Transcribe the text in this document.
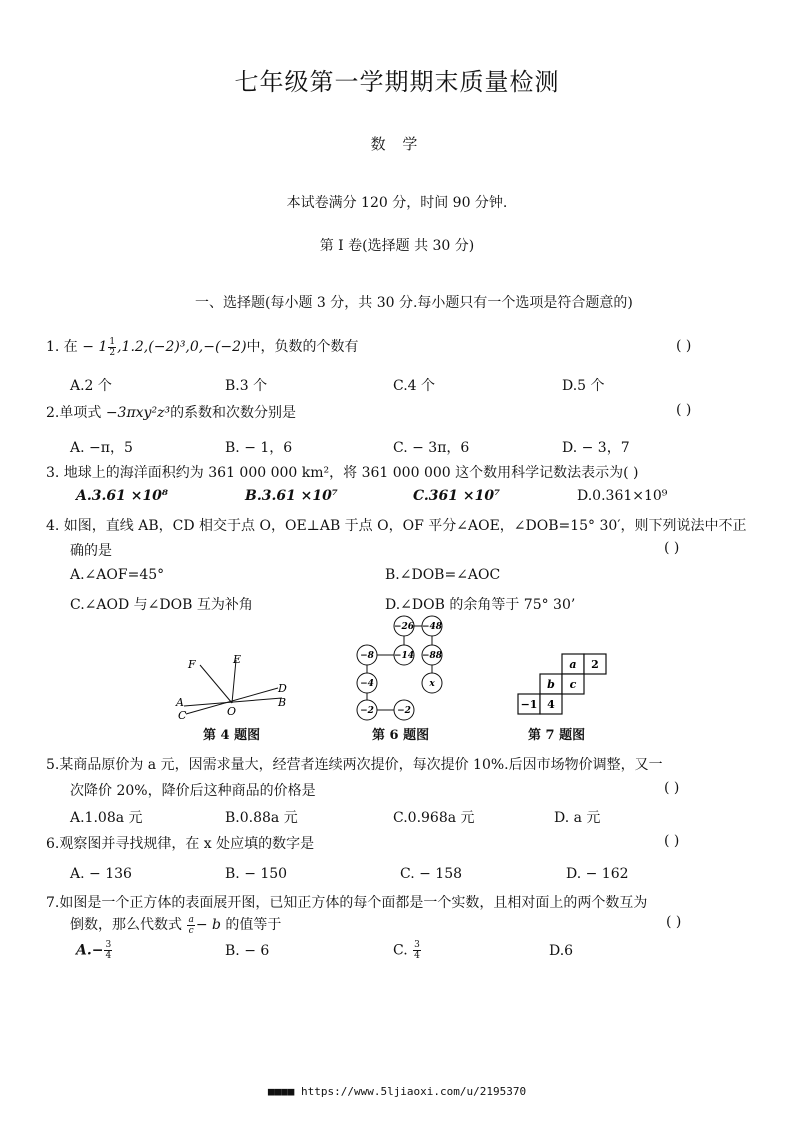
七年级第一学期期末质量检测
数 学
本试卷满分 120 分，时间 90 分钟.
第 I 卷(选择题 共 30 分)
一、选择题(每小题 3 分，共 30 分.每小题只有一个选项是符合题意的)
1. 在 − $1 \frac{1}{2} ,1.2,(-2)^3,0,-(-2)$中，负数的个数有	( )
A.2 个	B.3 个	C.4 个	D.5 个
2.单项式 −3πxy²z³的系数和次数分别是	( )
A. −π，5	B. − 1，6	C. − 3π，6	D. − 3，7
3. 地球上的海洋面积约为 361 000 000 km²，将 361 000 000 这个数用科学记数法表示为( )
A.3.61 ×10⁸	B.3.61 ×10⁷	C.361 ×10⁷	D.0.361×10⁹
4. 如图，直线 AB，CD 相交于点 O，OE⊥AB 于点 O，OF 平分∠AOE，∠DOB=15° 30′，则下列说法中不正
确的是	( )
A.∠AOF=45°	B.∠DOB=∠AOC
C.∠AOD 与∠DOB 互为补角	D.∠DOB 的余角等于 75° 30’
F	E
A
C	O
D
B
第 4 题图
−26 −48
−8 −14 −88
−4	x
−2	−2
第 6 题图
a 2
b c
−1 4
第 7 题图
5.某商品原价为 a 元，因需求量大，经营者连续两次提价，每次提价 10%.后因市场物价调整，又一
次降价 20%，降价后这种商品的价格是	( )
A.1.08a 元	B.0.88a 元	C.0.968a 元	D. a 元
6.观察图并寻找规律，在 x 处应填的数字是	( )
A. − 136	B. − 150	C. − 158	D. − 162
7.如图是一个正方体的表面展开图，已知正方体的每个面都是一个实数，且相对面上的两个数互为
倒数，那么代数式 $\frac{a}{c} - b$ 的值等于	( )
$A.- \frac{3}{4}$	B. − 6	C. $\frac{3}{4}$	D.6
■■■■ https://www.5ljiaoxi.com/u/2195370
